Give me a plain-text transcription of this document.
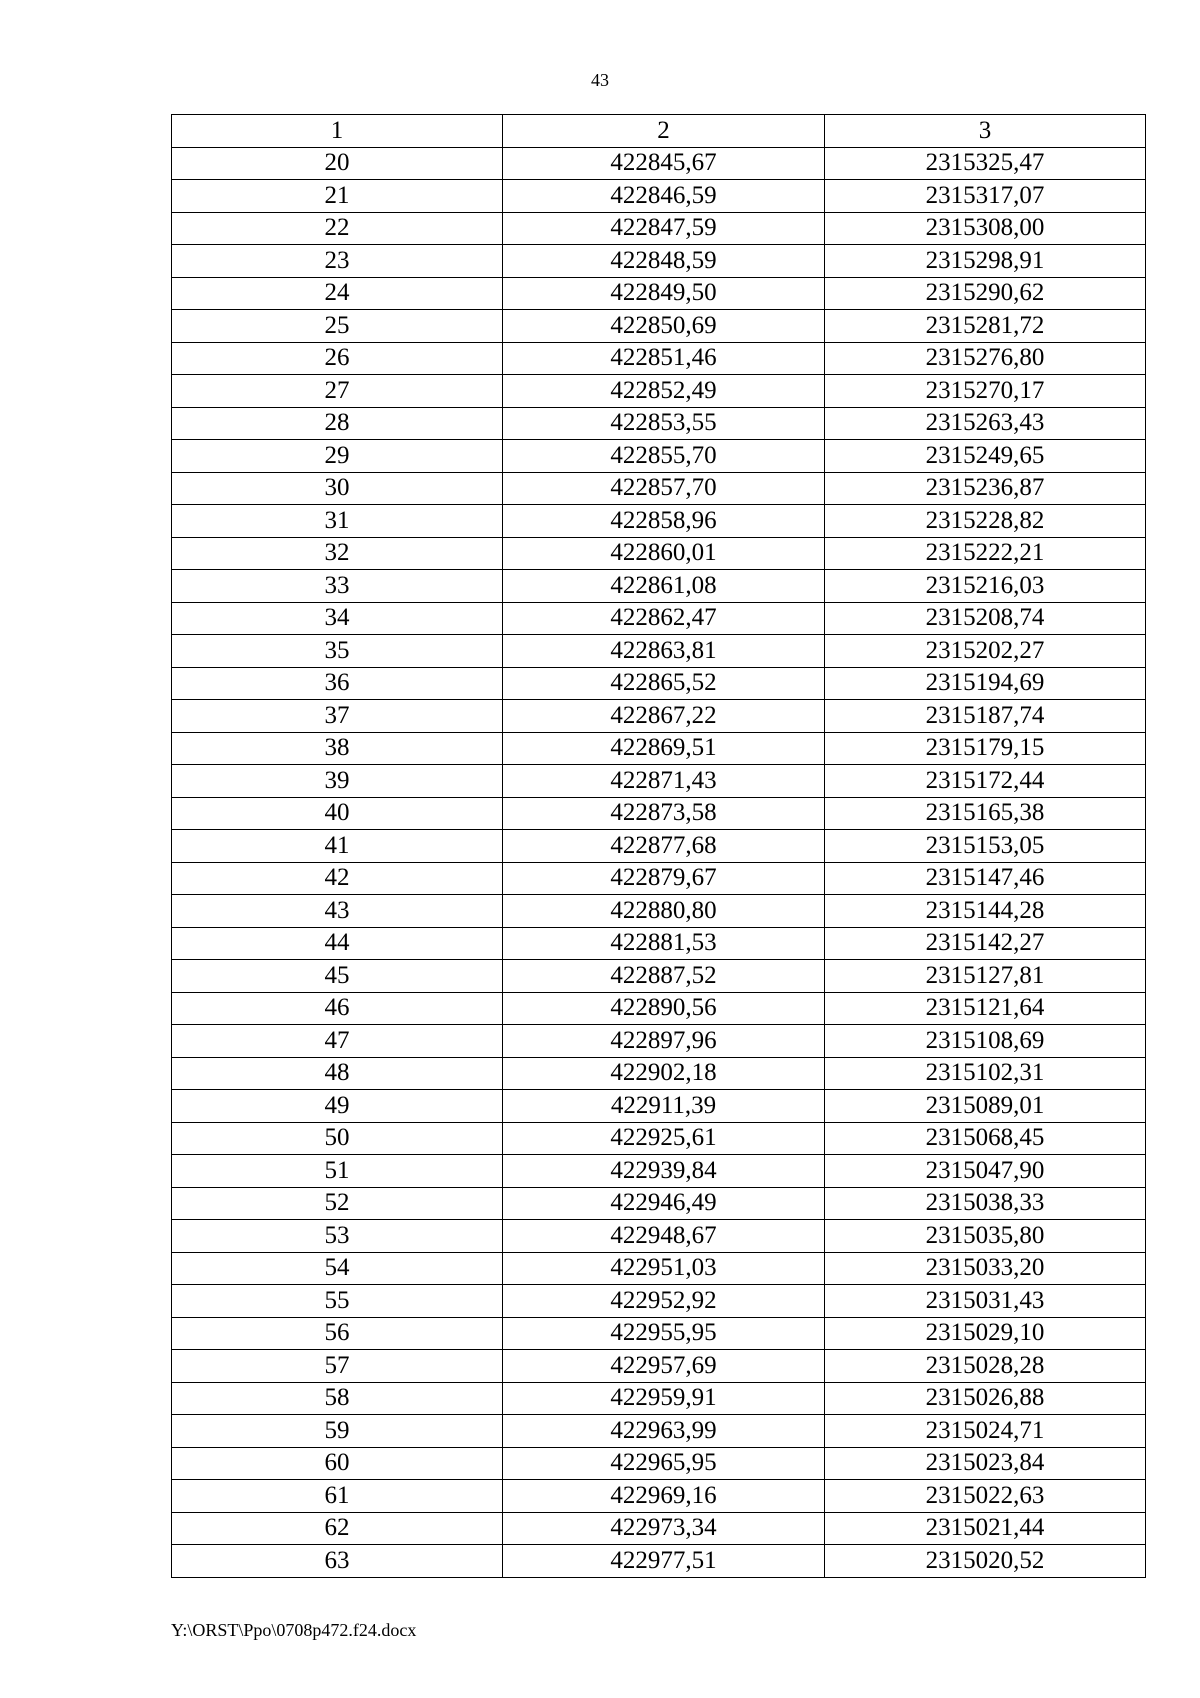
43
1	2	3
20	422845,67	2315325,47
21	422846,59	2315317,07
22	422847,59	2315308,00
23	422848,59	2315298,91
24	422849,50	2315290,62
25	422850,69	2315281,72
26	422851,46	2315276,80
27	422852,49	2315270,17
28	422853,55	2315263,43
29	422855,70	2315249,65
30	422857,70	2315236,87
31	422858,96	2315228,82
32	422860,01	2315222,21
33	422861,08	2315216,03
34	422862,47	2315208,74
35	422863,81	2315202,27
36	422865,52	2315194,69
37	422867,22	2315187,74
38	422869,51	2315179,15
39	422871,43	2315172,44
40	422873,58	2315165,38
41	422877,68	2315153,05
42	422879,67	2315147,46
43	422880,80	2315144,28
44	422881,53	2315142,27
45	422887,52	2315127,81
46	422890,56	2315121,64
47	422897,96	2315108,69
48	422902,18	2315102,31
49	422911,39	2315089,01
50	422925,61	2315068,45
51	422939,84	2315047,90
52	422946,49	2315038,33
53	422948,67	2315035,80
54	422951,03	2315033,20
55	422952,92	2315031,43
56	422955,95	2315029,10
57	422957,69	2315028,28
58	422959,91	2315026,88
59	422963,99	2315024,71
60	422965,95	2315023,84
61	422969,16	2315022,63
62	422973,34	2315021,44
63	422977,51	2315020,52
Y:\ORST\Ppo\0708p472.f24.docx
